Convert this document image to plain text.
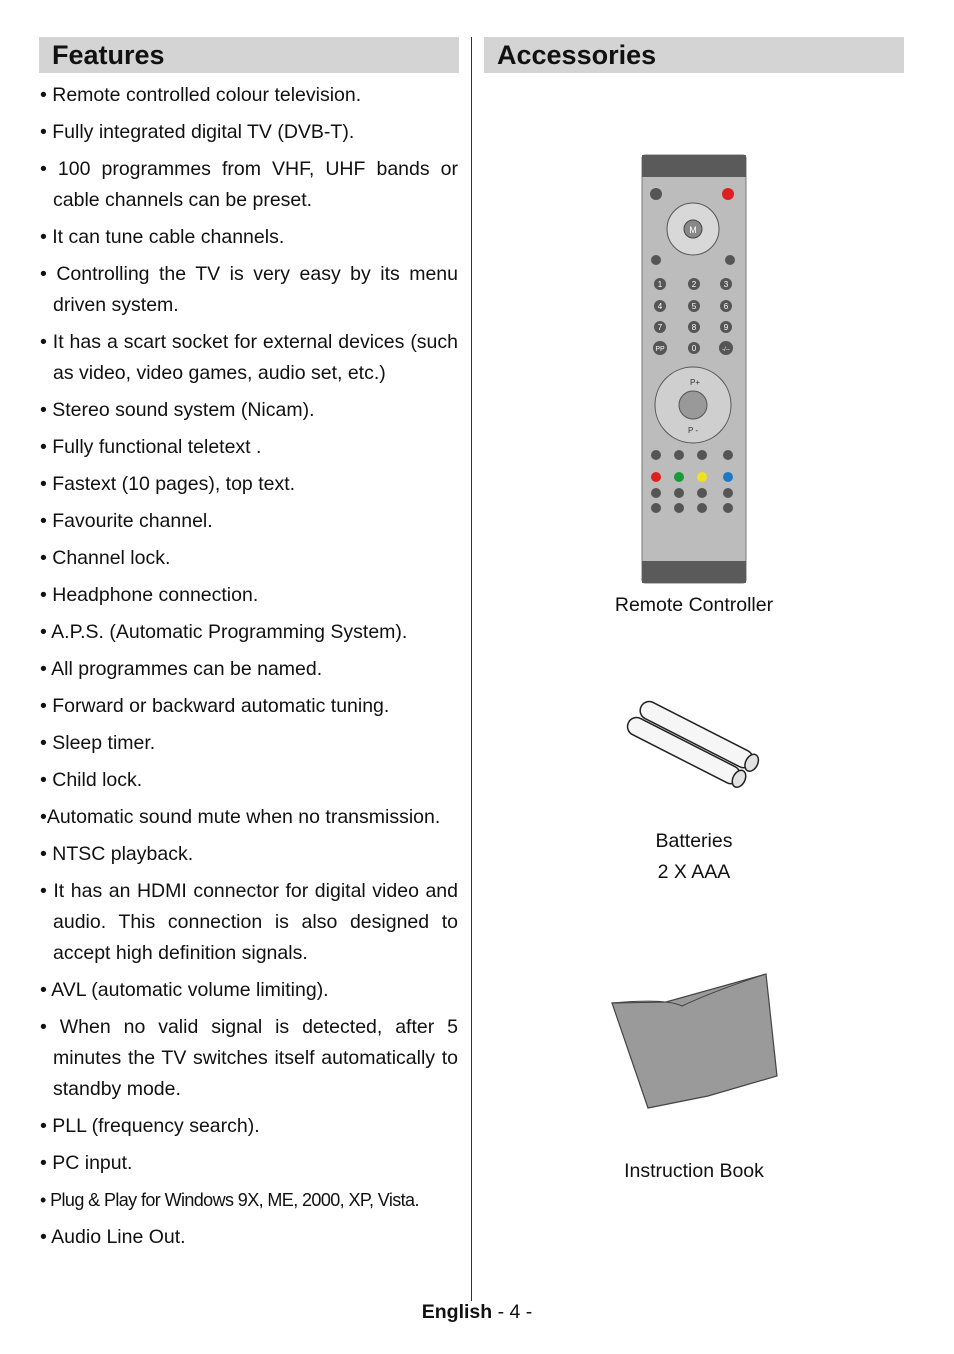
Features	Accessories
• Remote controlled colour television.
• Fully integrated digital TV (DVB-T).
• 100 programmes from VHF, UHF bands or cable channels can be preset.
• It can tune cable channels.
• Controlling the TV is very easy by its menu driven system.
• It has a scart socket for external devices (such as video, video games, audio set, etc.)
• Stereo sound system (Nicam).
• Fully functional teletext .
• Fastext (10 pages), top text.
• Favourite channel.
• Channel lock.
• Headphone connection.
• A.P.S. (Automatic Programming System).
• All programmes can be named.
• Forward or backward automatic tuning.
• Sleep timer.
• Child lock.
•Automatic sound mute when no transmission.
• NTSC playback.
• It has an HDMI connector for digital video and audio. This connection is also designed to accept high definition signals.
• AVL (automatic volume limiting).
• When no valid signal is detected, after 5 minutes the TV switches itself automatically to standby mode.
• PLL (frequency search).
• PC input.
• Plug & Play for Windows 9X, ME, 2000, XP, Vista.
• Audio Line Out.
M
1	2	3
4	5	6
7	8	9
PP	0	-/--
P+
P -
Remote Controller
Batteries
2 X AAA
Instruction Book
English - 4 -
